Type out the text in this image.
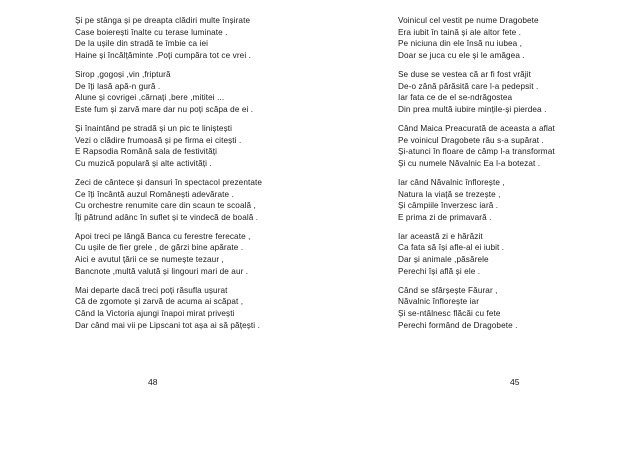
Și pe stânga și pe dreapta clădiri multe înșirate
Case boierești înalte cu terase luminate .
De la ușile din stradă te îmbie ca iei
Haine și încălțăminte .Poți cumpăra tot ce vrei .
Sirop ,gogoși ,vin ,friptură
De îți lasă apă-n gură .
Alune și covrigei ,cărnați ,bere ,mititei ...
Este fum și zarvă mare dar nu poți scăpa de ei .
Și înaintând pe stradă și un pic te liniștești
Vezi o clădire frumoasă și pe firma ei citești .
E Rapsodia Română sala de festivități
Cu muzică populară și alte activități .
Zeci de cântece și dansuri în spectacol prezentate
Ce îți încântă auzul Românești adevărate .
Cu orchestre renumite care din scaun te scoală ,
Îți pătrund adânc în suflet și te vindecă de boală .
Apoi treci pe lângă Banca cu ferestre ferecate ,
Cu ușile de fier grele , de gărzi bine apărate .
Aici e avutul țării ce se numește tezaur ,
Bancnote ,multă valută și lingouri mari de aur .
Mai departe dacă treci poți răsufla ușurat
Că de zgomote și zarvă de acuma ai scăpat ,
Când la Victoria ajungi înapoi mirat privești
Dar când mai vii pe Lipscani tot așa ai să pățești .
48
Voinicul cel vestit pe nume Dragobete
Era iubit în taină și ale altor fete .
Pe niciuna din ele însă nu iubea ,
Doar se juca cu ele și le amăgea .
Se duse se vestea că ar fi fost vrăjit
De-o zână părăsită care l-a pedepsit .
Iar fata ce de el se-ndrăgostea
Din prea multă iubire mințile-și pierdea .
Când Maica Preacurată de aceasta a aflat
Pe voinicul Dragobete rău s-a supărat .
Și-atunci în floare de câmp l-a transformat
Și cu numele Năvalnic Ea l-a botezat .
Iar când Năvalnic înflorește ,
Natura la viață se trezește ,
Și câmpiile înverzesc iară .
E prima zi de primavară .
Iar această zi e hărăzit
Ca fata să își afle-al ei iubit .
Dar și animale ,păsărele
Perechi își află și ele .
Când se sfârșește Făurar ,
Năvalnic înflorește iar
Și se-ntâlnesc flăcăi cu fete
Perechi formând de Dragobete .
45
